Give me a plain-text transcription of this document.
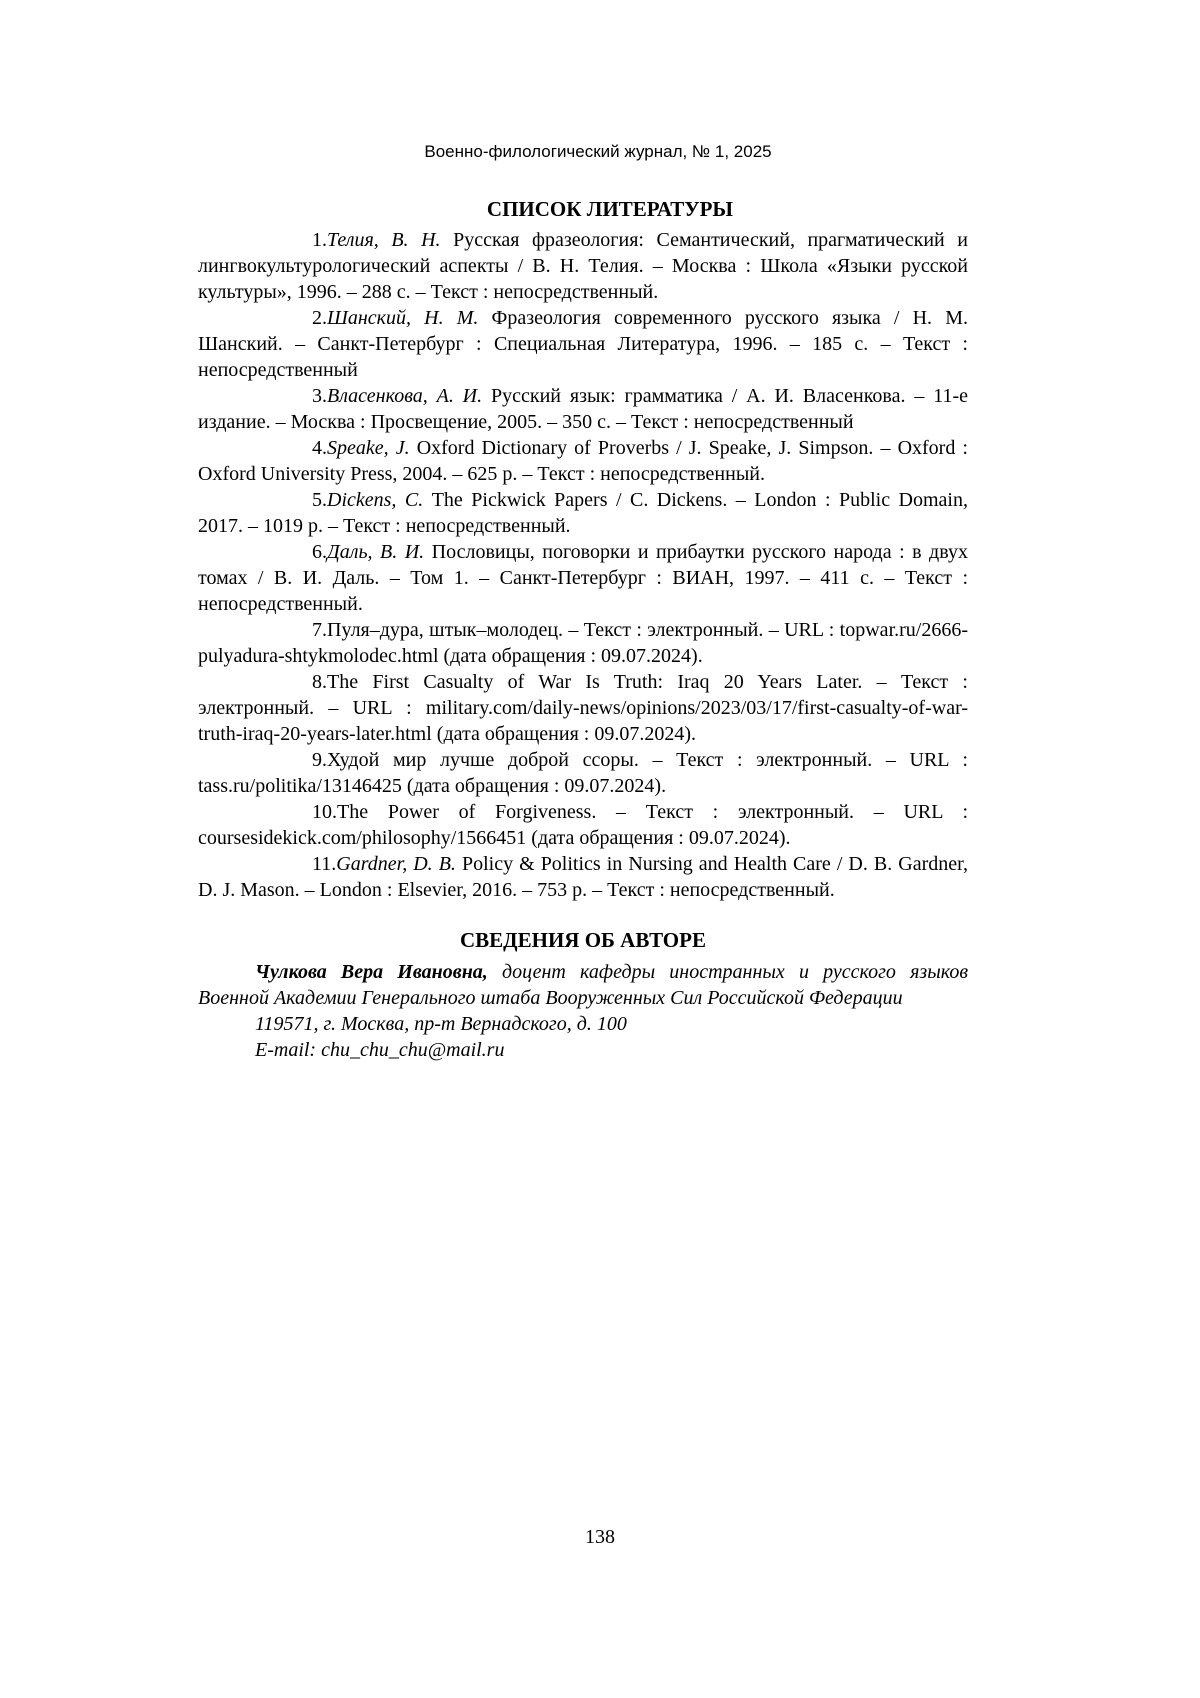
Военно-филологический журнал, № 1, 2025
СПИСОК ЛИТЕРАТУРЫ

1.Телия, В. Н. Русская фразеология: Семантический, прагматический и лингвокультурологический аспекты / В. Н. Телия. – Москва : Школа «Языки русской культуры», 1996. – 288 с. – Текст : непосредственный.

2.Шанский, Н. М. Фразеология современного русского языка / Н. М. Шанский. – Санкт-Петербург : Специальная Литература, 1996. – 185 с. – Текст : непосредственный

3.Власенкова, А. И. Русский язык: грамматика / А. И. Власенкова. – 11-е издание. – Москва : Просвещение, 2005. – 350 с. – Текст : непосредственный

4.Speake, J. Oxford Dictionary of Proverbs / J. Speake, J. Simpson. – Oxford : Oxford University Press, 2004. – 625 p. – Текст : непосредственный.

5.Dickens, C. The Pickwick Papers / C. Dickens. – London : Public Domain, 2017. – 1019 p. – Текст : непосредственный.

6.Даль, В. И. Пословицы, поговорки и прибаутки русского народа : в двух томах / В. И. Даль. – Том 1. – Санкт-Петербург : ВИАН, 1997. – 411 с. – Текст : непосредственный.

7.Пуля–дура, штык–молодец. – Текст : электронный. – URL : topwar.ru/2666-pulyadura-shtykmolodec.html (дата обращения : 09.07.2024).

8.The First Casualty of War Is Truth: Iraq 20 Years Later. – Текст : электронный. – URL : military.com/daily-news/opinions/2023/03/17/first-casualty-of-war-truth-iraq-20-years-later.html (дата обращения : 09.07.2024).

9.Худой мир лучше доброй ссоры. – Текст : электронный. – URL : tass.ru/politika/13146425 (дата обращения : 09.07.2024).

10.The Power of Forgiveness. – Текст : электронный. – URL : coursesidekick.com/philosophy/1566451 (дата обращения : 09.07.2024).

11.Gardner, D. B. Policy & Politics in Nursing and Health Care / D. B. Gardner, D. J. Mason. – London : Elsevier, 2016. – 753 p. – Текст : непосредственный.

СВЕДЕНИЯ ОБ АВТОРЕ

Чулкова Вера Ивановна, доцент кафедры иностранных и русского языков Военной Академии Генерального штаба Вооруженных Сил Российской Федерации

119571, г. Москва, пр-т Вернадского, д. 100

E-mail: chu_chu_chu@mail.ru

138
